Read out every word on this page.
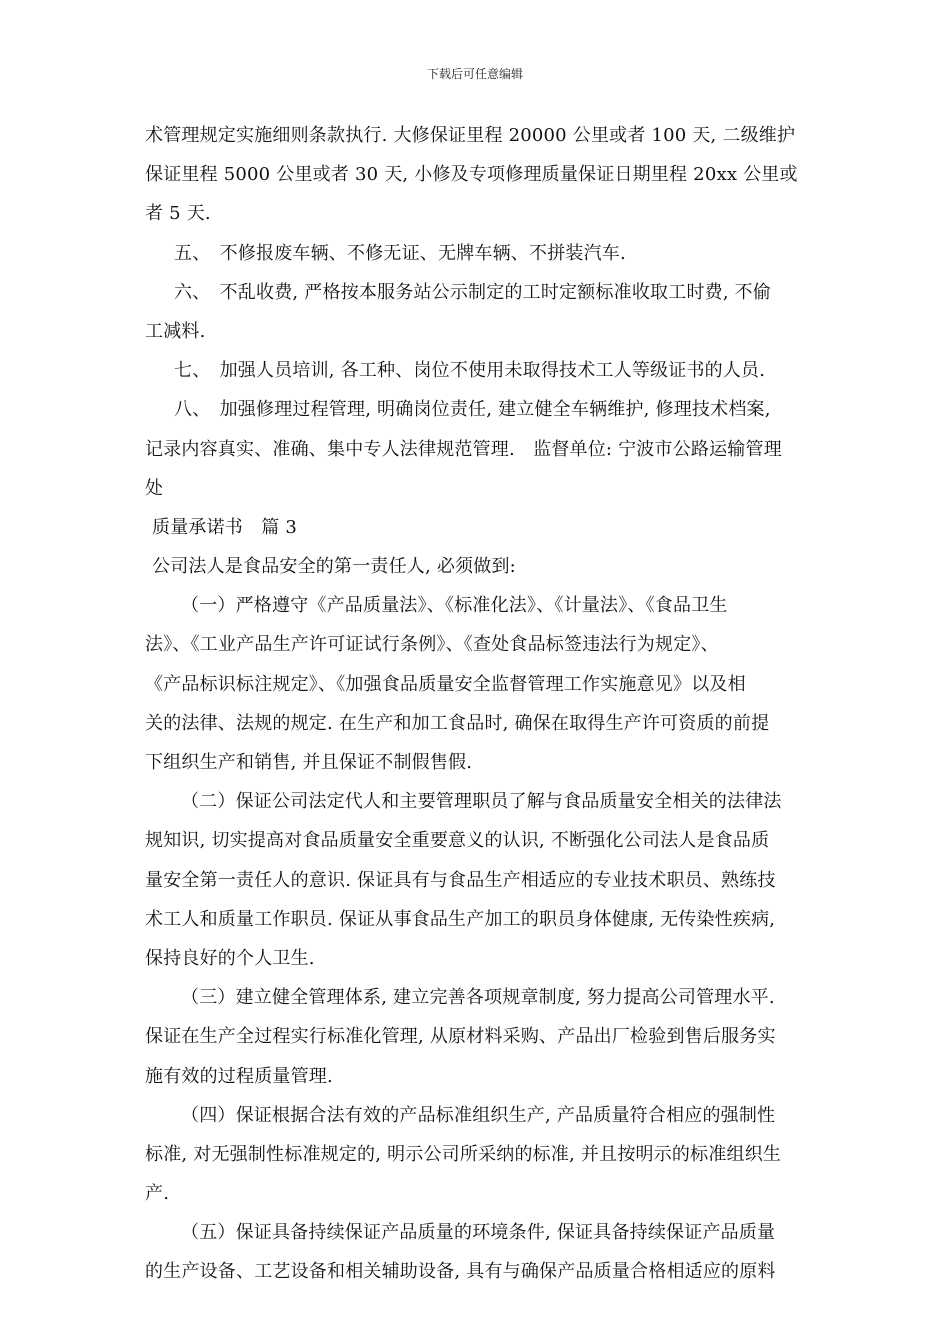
下载后可任意编辑
术管理规定实施细则条款执行. 大修保证里程 20000 公里或者 100 天, 二级维护
保证里程 5000 公里或者 30 天, 小修及专项修理质量保证日期里程 20xx 公里或
者 5 天.
五、　不修报废车辆、不修无证、无牌车辆、不拼装汽车.
六、　不乱收费, 严格按本服务站公示制定的工时定额标准收取工时费, 不偷
工减料.
七、　加强人员培训, 各工种、岗位不使用未取得技术工人等级证书的人员.
八、　加强修理过程管理, 明确岗位责任, 建立健全车辆维护, 修理技术档案,
记录内容真实、准确、集中专人法律规范管理.　监督单位: 宁波市公路运输管理
处
质量承诺书　篇 3
公司法人是食品安全的第一责任人, 必须做到:
（一）严格遵守《产品质量法》、《标准化法》、《计量法》、《食品卫生
法》、《工业产品生产许可证试行条例》、《查处食品标签违法行为规定》、
《产品标识标注规定》、《加强食品质量安全监督管理工作实施意见》以及相
关的法律、法规的规定. 在生产和加工食品时, 确保在取得生产许可资质的前提
下组织生产和销售, 并且保证不制假售假.
（二）保证公司法定代人和主要管理职员了解与食品质量安全相关的法律法
规知识, 切实提高对食品质量安全重要意义的认识, 不断强化公司法人是食品质
量安全第一责任人的意识. 保证具有与食品生产相适应的专业技术职员、熟练技
术工人和质量工作职员. 保证从事食品生产加工的职员身体健康, 无传染性疾病,
保持良好的个人卫生.
（三）建立健全管理体系, 建立完善各项规章制度, 努力提高公司管理水平.
保证在生产全过程实行标准化管理, 从原材料采购、产品出厂检验到售后服务实
施有效的过程质量管理.
（四）保证根据合法有效的产品标准组织生产, 产品质量符合相应的强制性
标准, 对无强制性标准规定的, 明示公司所采纳的标准, 并且按明示的标准组织生
产.
（五）保证具备持续保证产品质量的环境条件, 保证具备持续保证产品质量
的生产设备、工艺设备和相关辅助设备, 具有与确保产品质量合格相适应的原料
